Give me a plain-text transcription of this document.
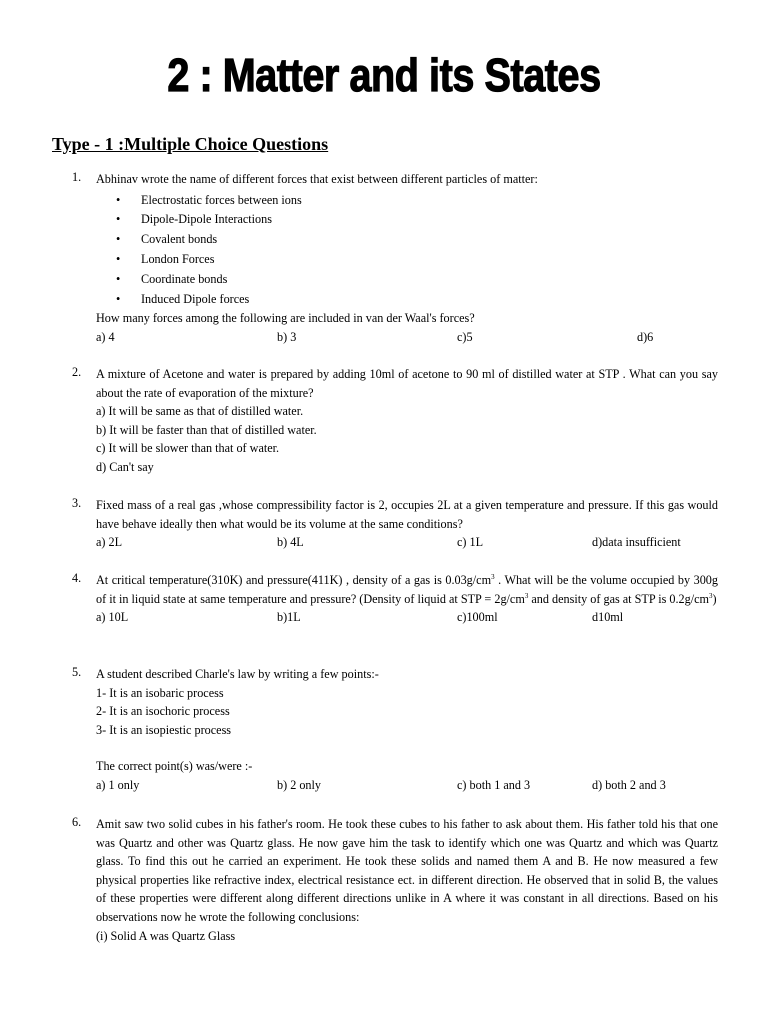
2 : Matter and its States
Type - 1 :Multiple Choice Questions
1. Abhinav wrote the name of different forces that exist between different particles of matter:
• Electrostatic forces between ions
• Dipole-Dipole Interactions
• Covalent bonds
• London Forces
• Coordinate bonds
• Induced Dipole forces
How many forces among the following are included in van der Waal's forces?
a) 4	b) 3	c)5	d)6
2. A mixture of Acetone and water is prepared by adding 10ml of acetone to 90 ml of distilled water at STP . What can you say about the rate of evaporation of the mixture?
a) It will be same as that of distilled water.
b) It will be faster than that of distilled water.
c) It will be slower than that of water.
d) Can't say
3. Fixed mass of a real gas ,whose compressibility factor is 2, occupies 2L at a given temperature and pressure. If this gas would have behave ideally then what would be its volume at the same conditions?
a) 2L	b) 4L	c) 1L	d)data insufficient
4. At critical temperature(310K) and pressure(411K) , density of a gas is $0.03g/cm^3$ . What will be the volume occupied by 300g of it in liquid state at same temperature and pressure? (Density of liquid at STP = $2g/cm^3$ and density of gas at STP is $0.2g/cm^3$)
a) 10L	b)1L	c)100ml	d10ml
5. A student described Charle's law by writing a few points:-
1- It is an isobaric process
2- It is an isochoric process
3- It is an isopiestic process
The correct point(s) was/were :-
a) 1 only	b) 2 only	c) both 1 and 3	d) both 2 and 3
6. Amit saw two solid cubes in his father's room. He took these cubes to his father to ask about them. His father told his that one was Quartz and other was Quartz glass. He now gave him the task to identify which one was Quartz and which was Quartz glass. To find this out he carried an experiment. He took these solids and named them A and B. He now measured a few physical properties like refractive index, electrical resistance ect. in different direction. He observed that in solid B, the values of these properties were different along different directions unlike in A where it was constant in all directions. Based on his observations now he wrote the following conclusions:
(i) Solid A was Quartz Glass
